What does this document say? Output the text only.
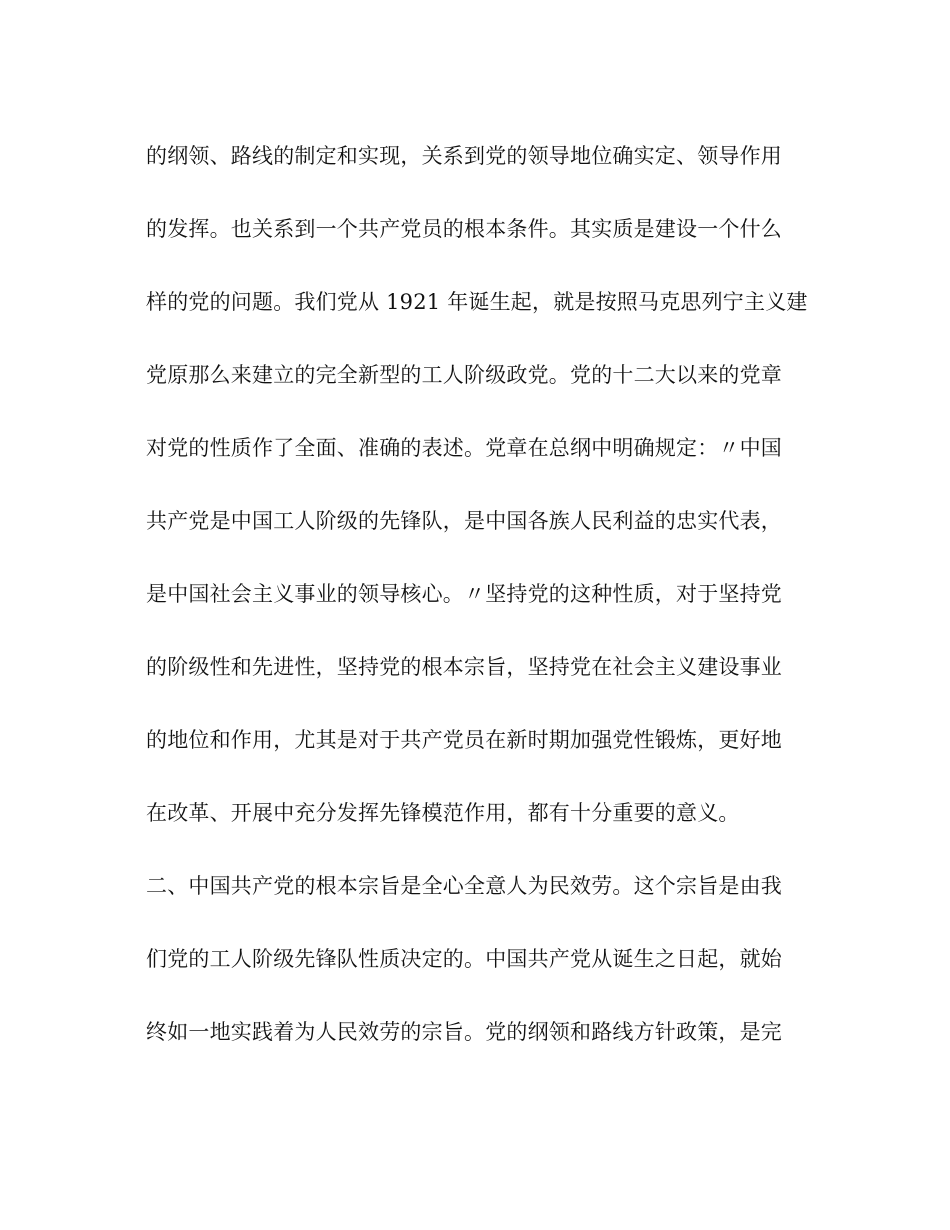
的纲领、路线的制定和实现，关系到党的领导地位确实定、领导作用
的发挥。也关系到一个共产党员的根本条件。其实质是建设一个什么
样的党的问题。我们党从 1921 年诞生起，就是按照马克思列宁主义建
党原那么来建立的完全新型的工人阶级政党。党的十二大以来的党章
对党的性质作了全面、准确的表述。党章在总纲中明确规定：〃中国
共产党是中国工人阶级的先锋队，是中国各族人民利益的忠实代表，
是中国社会主义事业的领导核心。〃坚持党的这种性质，对于坚持党
的阶级性和先进性，坚持党的根本宗旨，坚持党在社会主义建设事业
的地位和作用，尤其是对于共产党员在新时期加强党性锻炼，更好地
在改革、开展中充分发挥先锋模范作用，都有十分重要的意义。
二、中国共产党的根本宗旨是全心全意人为民效劳。这个宗旨是由我
们党的工人阶级先锋队性质决定的。中国共产党从诞生之日起，就始
终如一地实践着为人民效劳的宗旨。党的纲领和路线方针政策，是完
